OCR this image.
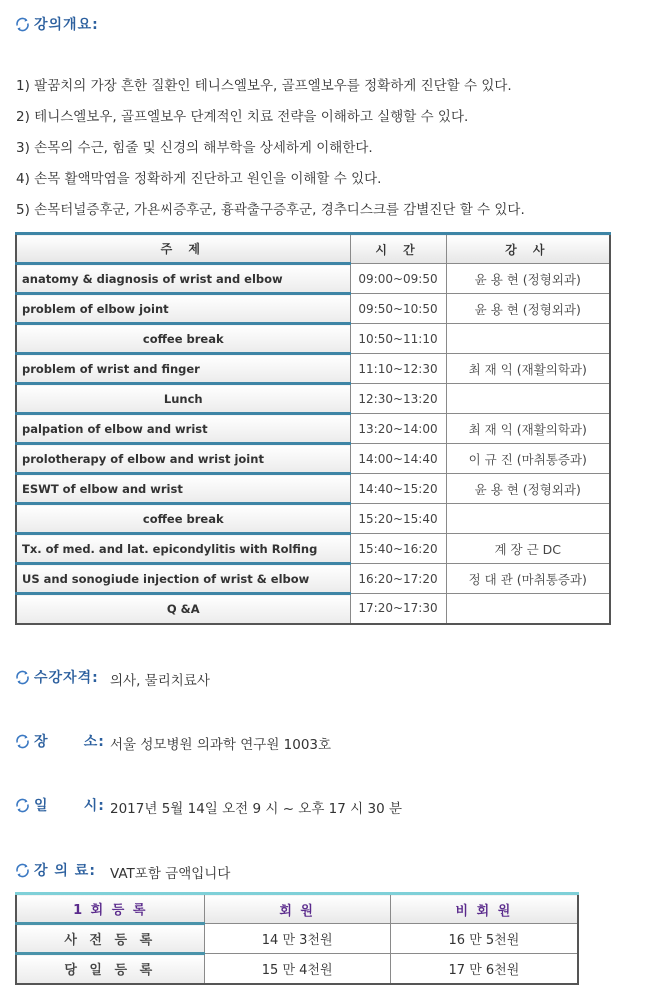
강의개요:
1) 팔꿈치의 가장 흔한 질환인 테니스엘보우, 골프엘보우를 정확하게 진단할 수 있다.
2) 테니스엘보우, 골프엘보우 단계적인 치료 전략을 이해하고 실행할 수 있다.
3) 손목의 수근, 힘줄 및 신경의 해부학을 상세하게 이해한다.
4) 손목 활액막염을 정확하게 진단하고 원인을 이해할 수 있다.
5) 손목터널증후군, 가욘씨증후군, 흉곽출구증후군, 경추디스크를 감별진단 할 수 있다.
주 제	시 간	강 사
anatomy & diagnosis of wrist and elbow	09:00~09:50	윤 용 현 (정형외과)
problem of elbow joint	09:50~10:50	윤 용 현 (정형외과)
coffee break	10:50~11:10	
problem of wrist and finger	11:10~12:30	최 재 익 (재활의학과)
Lunch	12:30~13:20	
palpation of elbow and wrist	13:20~14:00	최 재 익 (재활의학과)
prolotherapy of elbow and wrist joint	14:00~14:40	이 규 진 (마취통증과)
ESWT of elbow and wrist	14:40~15:20	윤 용 현 (정형외과)
coffee break	15:20~15:40	
Tx. of med. and lat. epicondylitis with Rolfing	15:40~16:20	계 장 근 DC
US and sonogiude injection of wrist & elbow	16:20~17:20	정 대 관 (마취통증과)
Q &A	17:20~17:30	
수강자격: 의사, 물리치료사
장      소: 서울 성모병원 의과학 연구원 1003호
일      시: 2017년 5월 14일 오전 9 시 ~ 오후 17 시 30 분
강 의 료: VAT포함 금액입니다
1 회 등 록	회 원	비 회 원
사 전 등 록	14 만 3천원	16 만 5천원
당 일 등 록	15 만 4천원	17 만 6천원
